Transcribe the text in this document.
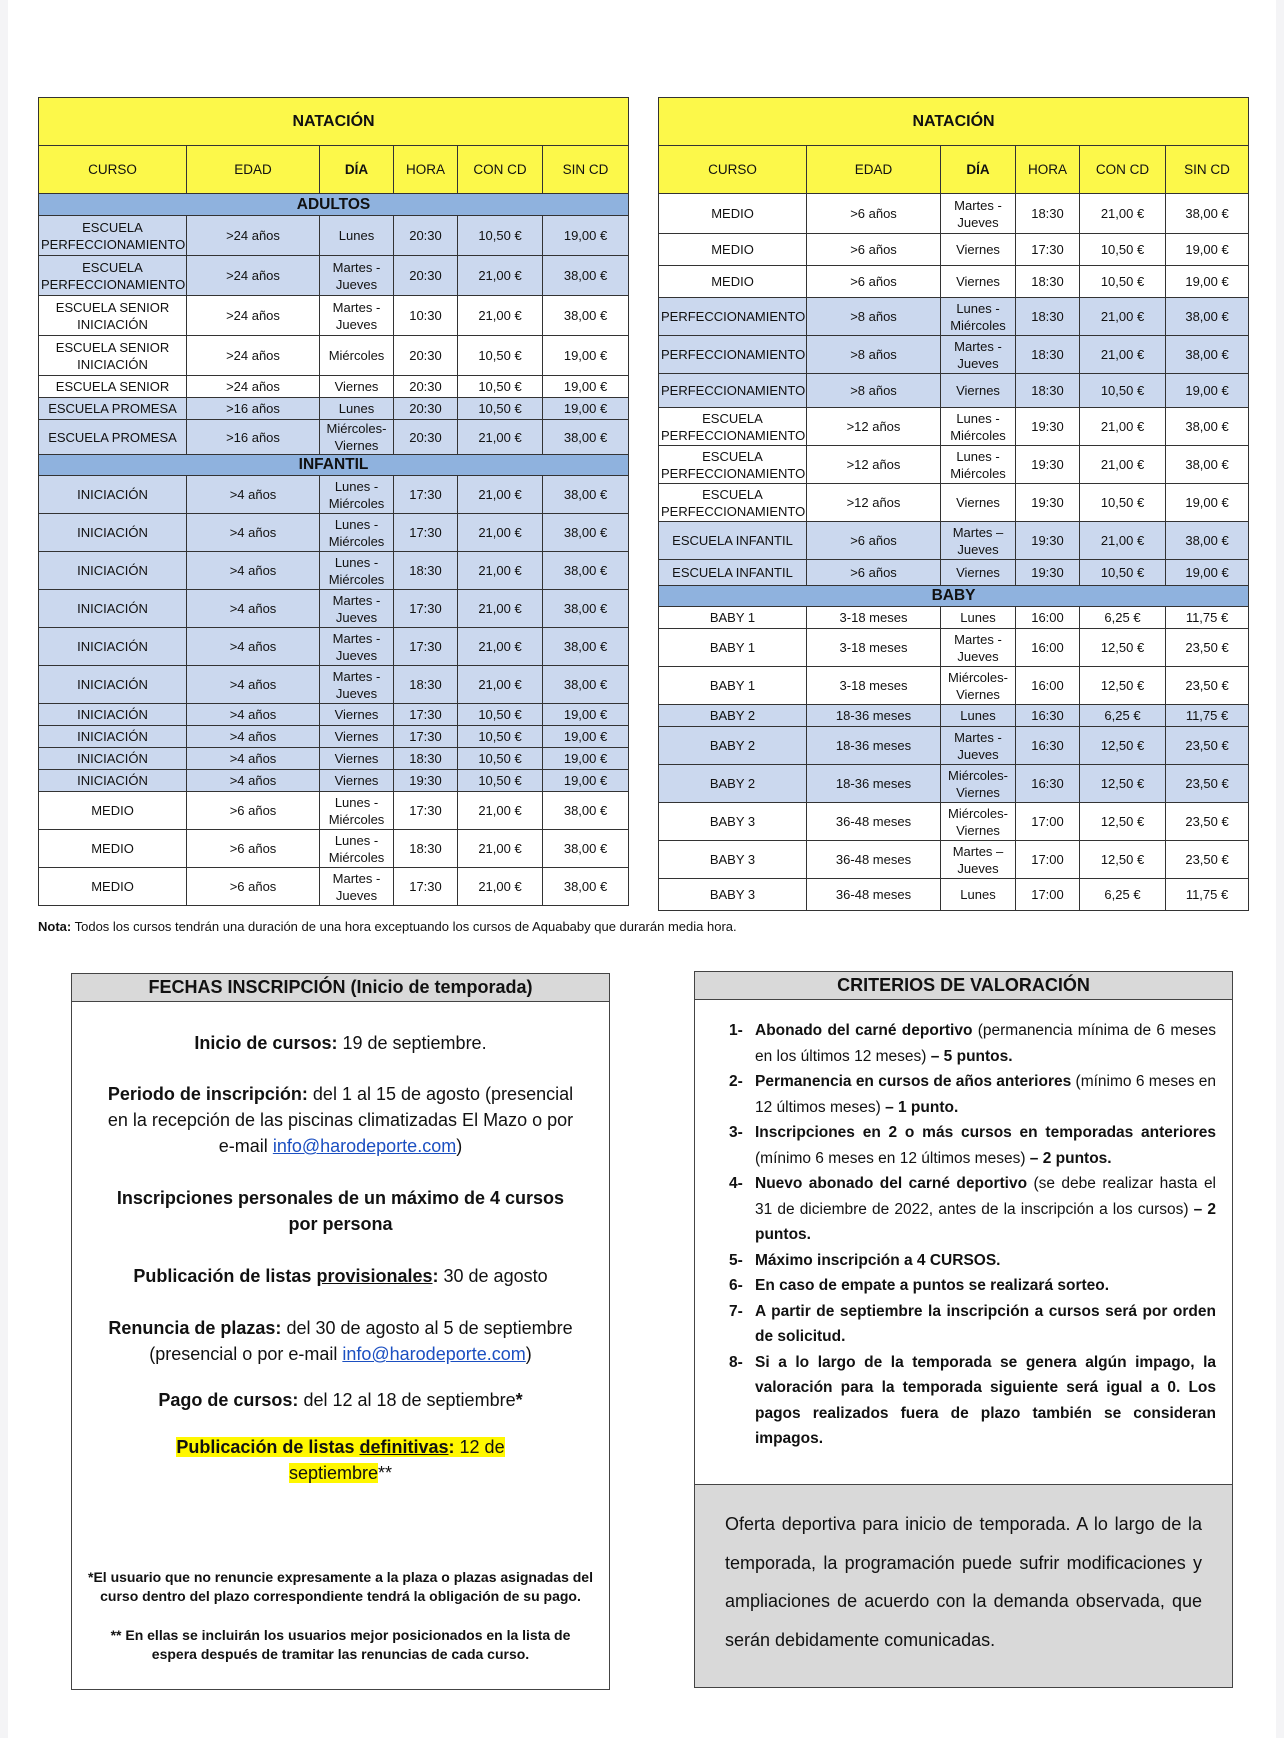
NATACIÓN					
CURSO	EDAD	DÍA	HORA	CON CD	SIN CD
ADULTOS					
ESCUELA PERFECCIONAMIENTO	>24 años	Lunes	20:30	10,50 €	19,00 €
ESCUELA PERFECCIONAMIENTO	>24 años	Martes - Jueves	20:30	21,00 €	38,00 €
ESCUELA SENIOR INICIACIÓN	>24 años	Martes - Jueves	10:30	21,00 €	38,00 €
ESCUELA SENIOR INICIACIÓN	>24 años	Miércoles	20:30	10,50 €	19,00 €
ESCUELA SENIOR	>24 años	Viernes	20:30	10,50 €	19,00 €
ESCUELA PROMESA	>16 años	Lunes	20:30	10,50 €	19,00 €
ESCUELA PROMESA	>16 años	Miércoles-Viernes	20:30	21,00 €	38,00 €
INFANTIL					
INICIACIÓN	>4 años	Lunes - Miércoles	17:30	21,00 €	38,00 €
INICIACIÓN	>4 años	Lunes - Miércoles	17:30	21,00 €	38,00 €
INICIACIÓN	>4 años	Lunes - Miércoles	18:30	21,00 €	38,00 €
INICIACIÓN	>4 años	Martes - Jueves	17:30	21,00 €	38,00 €
INICIACIÓN	>4 años	Martes - Jueves	17:30	21,00 €	38,00 €
INICIACIÓN	>4 años	Martes - Jueves	18:30	21,00 €	38,00 €
INICIACIÓN	>4 años	Viernes	17:30	10,50 €	19,00 €
INICIACIÓN	>4 años	Viernes	17:30	10,50 €	19,00 €
INICIACIÓN	>4 años	Viernes	18:30	10,50 €	19,00 €
INICIACIÓN	>4 años	Viernes	19:30	10,50 €	19,00 €
MEDIO	>6 años	Lunes - Miércoles	17:30	21,00 €	38,00 €
MEDIO	>6 años	Lunes - Miércoles	18:30	21,00 €	38,00 €
MEDIO	>6 años	Martes - Jueves	17:30	21,00 €	38,00 €
NATACIÓN					
CURSO	EDAD	DÍA	HORA	CON CD	SIN CD
MEDIO	>6 años	Martes - Jueves	18:30	21,00 €	38,00 €
MEDIO	>6 años	Viernes	17:30	10,50 €	19,00 €
MEDIO	>6 años	Viernes	18:30	10,50 €	19,00 €
PERFECCIONAMIENTO	>8 años	Lunes - Miércoles	18:30	21,00 €	38,00 €
PERFECCIONAMIENTO	>8 años	Martes - Jueves	18:30	21,00 €	38,00 €
PERFECCIONAMIENTO	>8 años	Viernes	18:30	10,50 €	19,00 €
ESCUELA PERFECCIONAMIENTO	>12 años	Lunes - Miércoles	19:30	21,00 €	38,00 €
ESCUELA PERFECCIONAMIENTO	>12 años	Lunes - Miércoles	19:30	21,00 €	38,00 €
ESCUELA PERFECCIONAMIENTO	>12 años	Viernes	19:30	10,50 €	19,00 €
ESCUELA INFANTIL	>6 años	Martes – Jueves	19:30	21,00 €	38,00 €
ESCUELA INFANTIL	>6 años	Viernes	19:30	10,50 €	19,00 €
BABY					
BABY 1	3-18 meses	Lunes	16:00	6,25 €	11,75 €
BABY 1	3-18 meses	Martes - Jueves	16:00	12,50 €	23,50 €
BABY 1	3-18 meses	Miércoles-Viernes	16:00	12,50 €	23,50 €
BABY 2	18-36 meses	Lunes	16:30	6,25 €	11,75 €
BABY 2	18-36 meses	Martes - Jueves	16:30	12,50 €	23,50 €
BABY 2	18-36 meses	Miércoles-Viernes	16:30	12,50 €	23,50 €
BABY 3	36-48 meses	Miércoles-Viernes	17:00	12,50 €	23,50 €
BABY 3	36-48 meses	Martes – Jueves	17:00	12,50 €	23,50 €
BABY 3	36-48 meses	Lunes	17:00	6,25 €	11,75 €
Nota: Todos los cursos tendrán una duración de una hora exceptuando los cursos de Aquababy que durarán media hora.
FECHAS INSCRIPCIÓN (Inicio de temporada)
Inicio de cursos: 19 de septiembre.
Periodo de inscripción: del 1 al 15 de agosto (presencial en la recepción de las piscinas climatizadas El Mazo o por e-mail info@harodeporte.com)
Inscripciones personales de un máximo de 4 cursos por persona
Publicación de listas provisionales: 30 de agosto
Renuncia de plazas: del 30 de agosto al 5 de septiembre (presencial o por e-mail info@harodeporte.com)
Pago de cursos: del 12 al 18 de septiembre*
Publicación de listas definitivas: 12 de septiembre**
*El usuario que no renuncie expresamente a la plaza o plazas asignadas del curso dentro del plazo correspondiente tendrá la obligación de su pago.
** En ellas se incluirán los usuarios mejor posicionados en la lista de espera después de tramitar las renuncias de cada curso.
CRITERIOS DE VALORACIÓN
1- Abonado del carné deportivo (permanencia mínima de 6 meses en los últimos 12 meses) – 5 puntos.
2- Permanencia en cursos de años anteriores (mínimo 6 meses en 12 últimos meses) – 1 punto.
3- Inscripciones en 2 o más cursos en temporadas anteriores (mínimo 6 meses en 12 últimos meses) – 2 puntos.
4- Nuevo abonado del carné deportivo (se debe realizar hasta el 31 de diciembre de 2022, antes de la inscripción a los cursos) – 2 puntos.
5- Máximo inscripción a 4 CURSOS.
6- En caso de empate a puntos se realizará sorteo.
7- A partir de septiembre la inscripción a cursos será por orden de solicitud.
8- Si a lo largo de la temporada se genera algún impago, la valoración para la temporada siguiente será igual a 0. Los pagos realizados fuera de plazo también se consideran impagos.
Oferta deportiva para inicio de temporada. A lo largo de la temporada, la programación puede sufrir modificaciones y ampliaciones de acuerdo con la demanda observada, que serán debidamente comunicadas.
